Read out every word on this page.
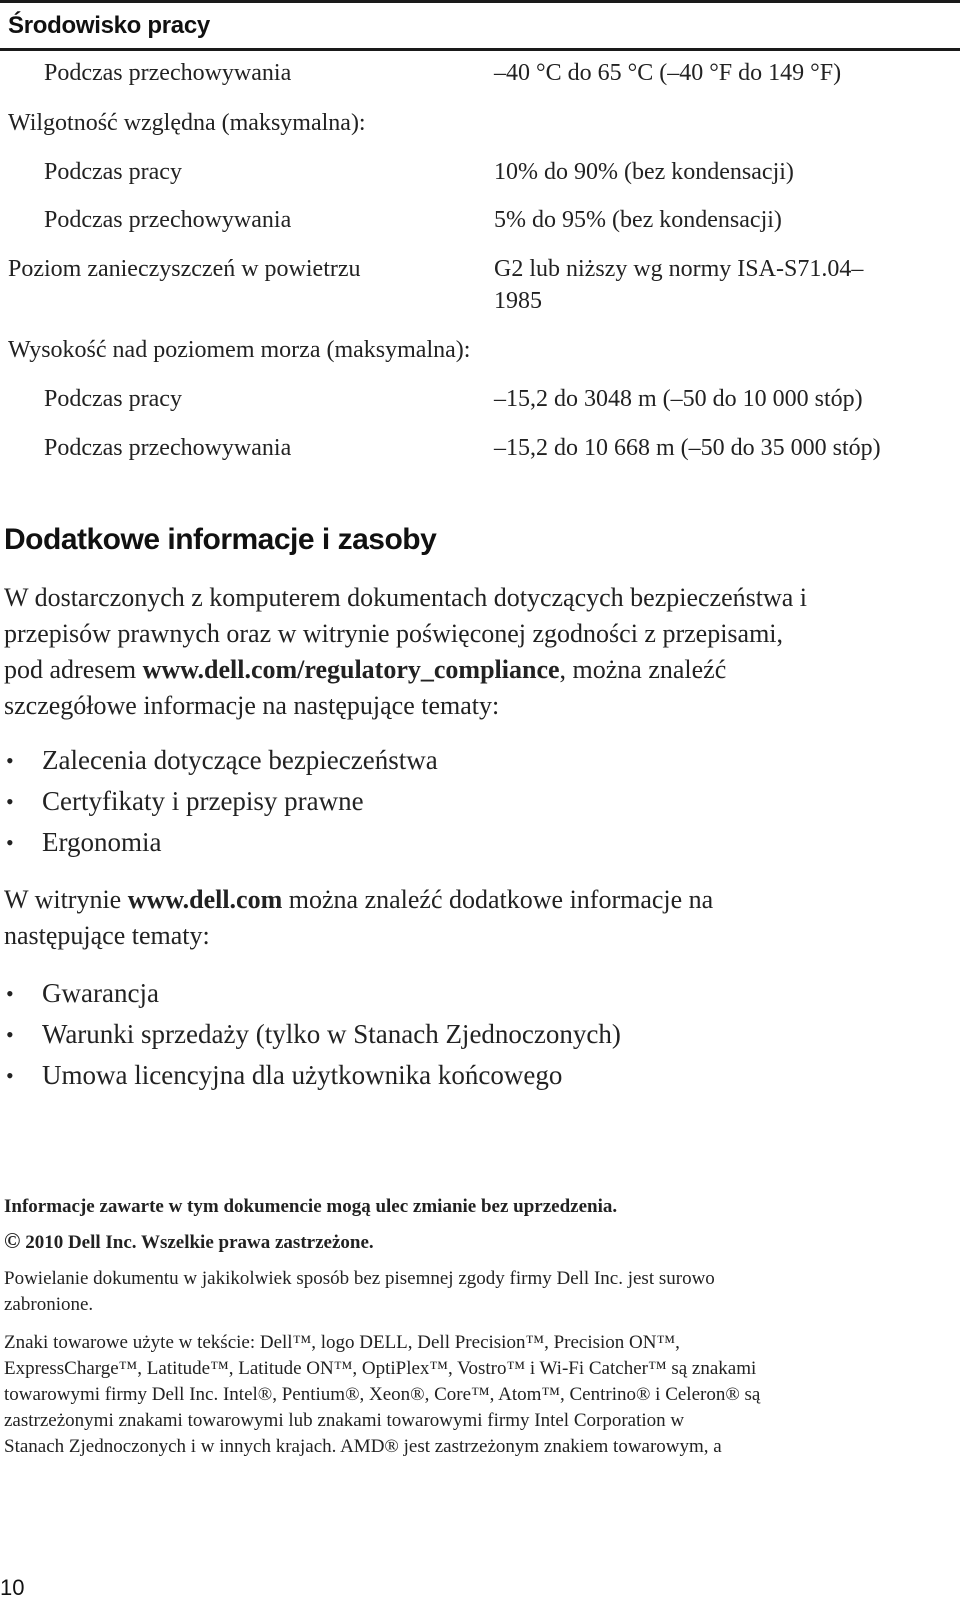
Środowisko pracy
Podczas przechowywania	–40 °C do 65 °C (–40 °F do 149 °F)
Wilgotność względna (maksymalna):
Podczas pracy	10% do 90% (bez kondensacji)
Podczas przechowywania	5% do 95% (bez kondensacji)
Poziom zanieczyszczeń w powietrzu	G2 lub niższy wg normy ISA-S71.04–
1985
Wysokość nad poziomem morza (maksymalna):
Podczas pracy	–15,2 do 3048 m (–50 do 10 000 stóp)
Podczas przechowywania	–15,2 do 10 668 m (–50 do 35 000 stóp)
Dodatkowe informacje i zasoby
W dostarczonych z komputerem dokumentach dotyczących bezpieczeństwa i
przepisów prawnych oraz w witrynie poświęconej zgodności z przepisami,
pod adresem www.dell.com/regulatory_compliance, można znaleźć
szczegółowe informacje na następujące tematy:
• Zalecenia dotyczące bezpieczeństwa
• Certyfikaty i przepisy prawne
• Ergonomia
W witrynie www.dell.com można znaleźć dodatkowe informacje na
następujące tematy:
• Gwarancja
• Warunki sprzedaży (tylko w Stanach Zjednoczonych)
• Umowa licencyjna dla użytkownika końcowego
Informacje zawarte w tym dokumencie mogą ulec zmianie bez uprzedzenia.
© 2010 Dell Inc. Wszelkie prawa zastrzeżone.
Powielanie dokumentu w jakikolwiek sposób bez pisemnej zgody firmy Dell Inc. jest surowo
zabronione.
Znaki towarowe użyte w tekście: Dell™, logo DELL, Dell Precision™, Precision ON™,
ExpressCharge™, Latitude™, Latitude ON™, OptiPlex™, Vostro™ i Wi-Fi Catcher™ są znakami
towarowymi firmy Dell Inc. Intel®, Pentium®, Xeon®, Core™, Atom™, Centrino® i Celeron® są
zastrzeżonymi znakami towarowymi lub znakami towarowymi firmy Intel Corporation w
Stanach Zjednoczonych i w innych krajach. AMD® jest zastrzeżonym znakiem towarowym, a
10
